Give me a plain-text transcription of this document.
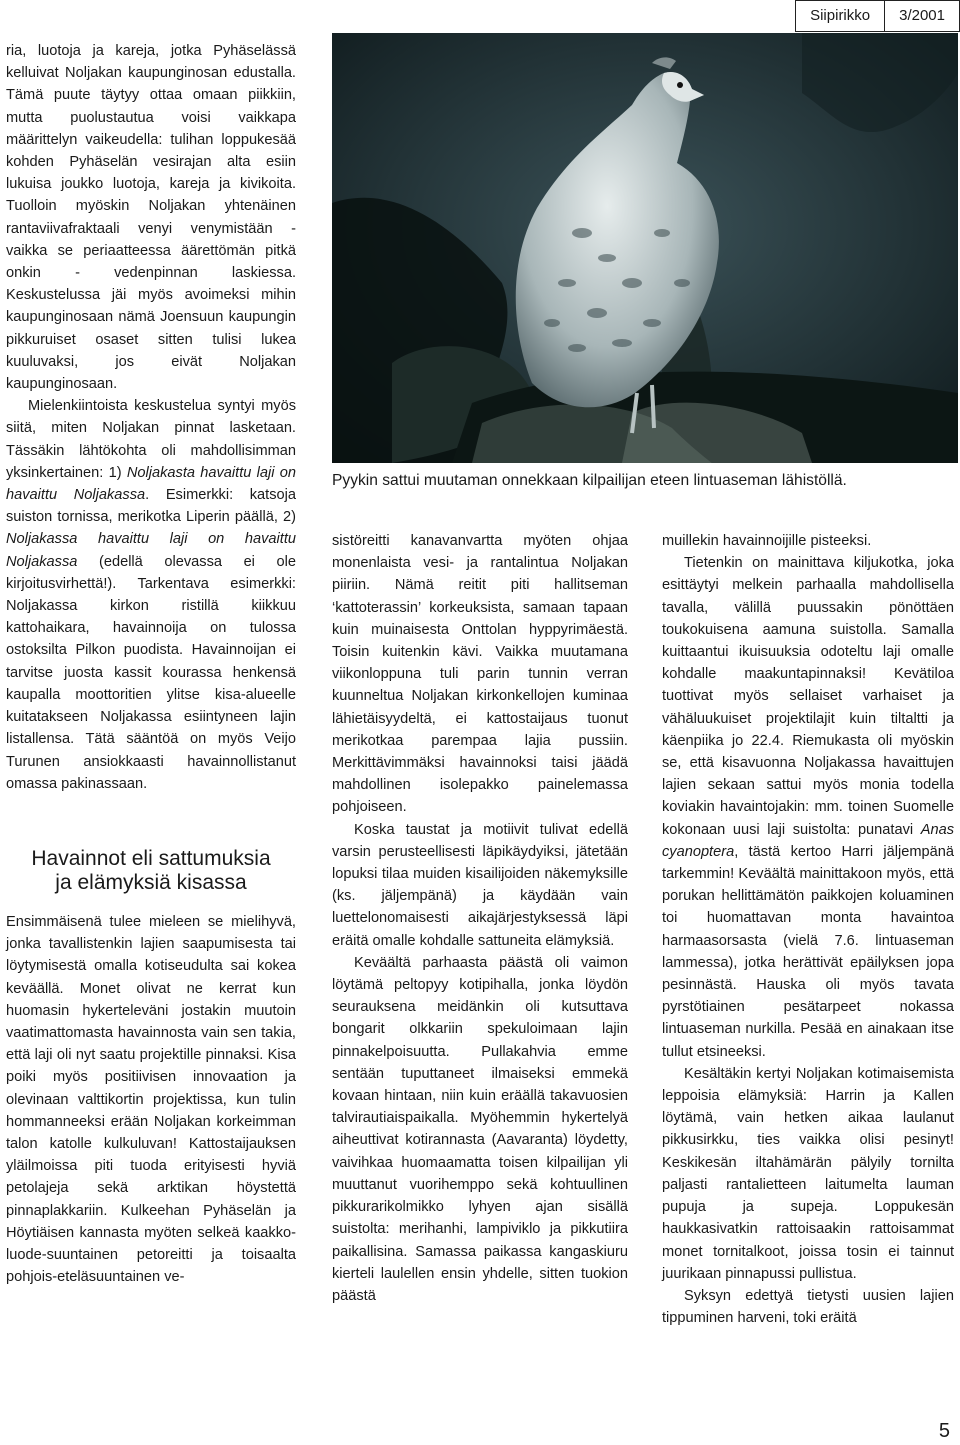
Siipirikko	3/2001

ria, luotoja ja kareja, jotka Pyhäselässä kelluivat Noljakan kaupunginosan edustalla. Tämä puute täytyy ottaa omaan piikkiin, mutta puolustautua voisi vaikkapa määrittelyn vaikeudella: tulihan loppukesää kohden Pyhäselän vesirajan alta esiin lukuisa joukko luotoja, kareja ja kivikoita. Tuolloin myöskin Noljakan yhtenäinen rantaviivafraktaali venyi venymistään - vaikka se periaatteessa äärettömän pitkä onkin - vedenpinnan laskiessa. Keskustelussa jäi myös avoimeksi mihin kaupunginosaan nämä Joensuun kaupungin pikkuruiset osaset sitten tulisi lukea kuuluvaksi, jos eivät Noljakan kaupunginosaan.

Mielenkiintoista keskustelua syntyi myös siitä, miten Noljakan pinnat lasketaan. Tässäkin lähtökohta oli mahdollisimman yksinkertainen: 1) Noljakasta havaittu laji on havaittu Noljakassa. Esimerkki: katsoja suiston tornissa, merikotka Liperin päällä, 2) Noljakassa havaittu laji on havaittu Noljakassa (edellä olevassa ei ole kirjoitusvirhettä!). Tarkentava esimerkki: Noljakassa kirkon ristillä kiikkuu kattohaikara, havainnoija on tulossa ostoksilta Pilkon puodista. Havainnoijan ei tarvitse juosta kassit kourassa henkensä kaupalla moottoritien ylitse kisa-alueelle kuitatakseen Noljakassa esiintyneen lajin listallensa. Tätä sääntöä on myös Veijo Turunen ansiokkaasti havainnollistanut omassa pakinassaan.

Havainnot eli sattumuksia
ja elämyksiä kisassa

Ensimmäisenä tulee mieleen se mielihyvä, jonka tavallistenkin lajien saapumisesta tai löytymisestä omalla kotiseudulta sai kokea keväällä. Monet olivat ne kerrat kun huomasin hykerteleväni jostakin muutoin vaatimattomasta havainnosta vain sen takia, että laji oli nyt saatu projektille pinnaksi. Kisa poiki myös positiivisen innovaation ja olevinaan valttikortin projektissa, kun tulin hommanneeksi erään Noljakan korkeimman talon katolle kulkuluvan! Kattostaijauksen yläilmoissa piti tuoda erityisesti hyviä petolajeja sekä arktikan höystettä pinnaplakkariin. Kulkeehan Pyhäselän ja Höytiäisen kannasta myöten selkeä kaakko-luode-suuntainen petoreitti ja toisaalta pohjois-eteläsuuntainen ve-

Pyykin sattui muutaman onnekkaan kilpailijan eteen lintuaseman lähistöllä.

sistöreitti kanavanvartta myöten ohjaa monenlaista vesi- ja rantalintua Noljakan piiriin. Nämä reitit piti hallitseman ‘kattoterassin’ korkeuksista, samaan tapaan kuin muinaisesta Onttolan hyppyrimäestä. Toisin kuitenkin kävi. Vaikka muutamana viikonloppuna tuli parin tunnin verran kuunneltua Noljakan kirkonkellojen kuminaa lähietäisyydeltä, ei kattostaijaus tuonut merikotkaa parempaa lajia pussiin. Merkittävimmäksi havainnoksi taisi jäädä mahdollinen isolepakko painelemassa pohjoiseen.

Koska taustat ja motiivit tulivat edellä varsin perusteellisesti läpikäydyiksi, jätetään lopuksi tilaa muiden kisailijoiden näkemyksille (ks. jäljempänä) ja käydään vain luettelonomaisesti aikajärjestyksessä läpi eräitä omalle kohdalle sattuneita elämyksiä.

Keväältä parhaasta päästä oli vaimon löytämä peltopyy kotipihalla, jonka löydön seurauksena meidänkin oli kutsuttava bongarit olkkariin spekuloimaan lajin pinnakelpoisuutta. Pullakahvia emme sentään tuputtaneet ilmaiseksi emmekä kovaan hintaan, niin kuin eräällä takavuosien talvirautiaispaikalla. Myöhemmin hykertelyä aiheuttivat kotirannasta (Aavaranta) löydetty, vaivihkaa huomaamatta toisen kilpailijan yli muuttanut vuorihemppo sekä kohtuullinen pikkurarikolmikko lyhyen ajan sisällä suistolta: merihanhi, lampiviklo ja pikkutiira paikallisina. Samassa paikassa kangaskiuru kierteli laulellen ensin yhdelle, sitten tuokion päästä

muillekin havainnoijille pisteeksi.

Tietenkin on mainittava kiljukotka, joka esittäytyi melkein parhaalla mahdollisella tavalla, välillä puussakin pönöttäen toukokuisena aamuna suistolla. Samalla kuittaantui ikuisuuksia odoteltu laji omalle kohdalle maakuntapinnaksi! Kevätiloa tuottivat myös sellaiset varhaiset ja vähäluukuiset projektilajit kuin tiltaltti ja käenpiika jo 22.4. Riemukasta oli myöskin se, että kisavuonna Noljakassa havaittujen lajien sekaan sattui myös monia todella koviakin havaintojakin: mm. toinen Suomelle kokonaan uusi laji suistolta: punatavi Anas cyanoptera, tästä kertoo Harri jäljempänä tarkemmin! Keväältä mainittakoon myös, että porukan hellittämätön paikkojen koluaminen toi huomattavan monta havaintoa harmaasorsasta (vielä 7.6. lintuaseman lammessa), jotka herättivät epäilyksen jopa pesinnästä. Hauska oli myös tavata pyrstötiainen pesätarpeet nokassa lintuaseman nurkilla. Pesää en ainakaan itse tullut etsineeksi.

Kesältäkin kertyi Noljakan kotimaisemista leppoisia elämyksiä: Harrin ja Kallen löytämä, vain hetken aikaa laulanut pikkusirkku, ties vaikka olisi pesinyt! Keskikesän iltahämärän pälyily tornilta paljasti rantalietteen laitumelta lauman pupuja ja supeja. Loppukesän haukkasivatkin rattoisaakin rattoisammat monet tornitalkoot, joissa tosin ei tainnut juurikaan pinnapussi pullistua.

Syksyn edettyä tietysti uusien lajien tippuminen harveni, toki eräitä

5
